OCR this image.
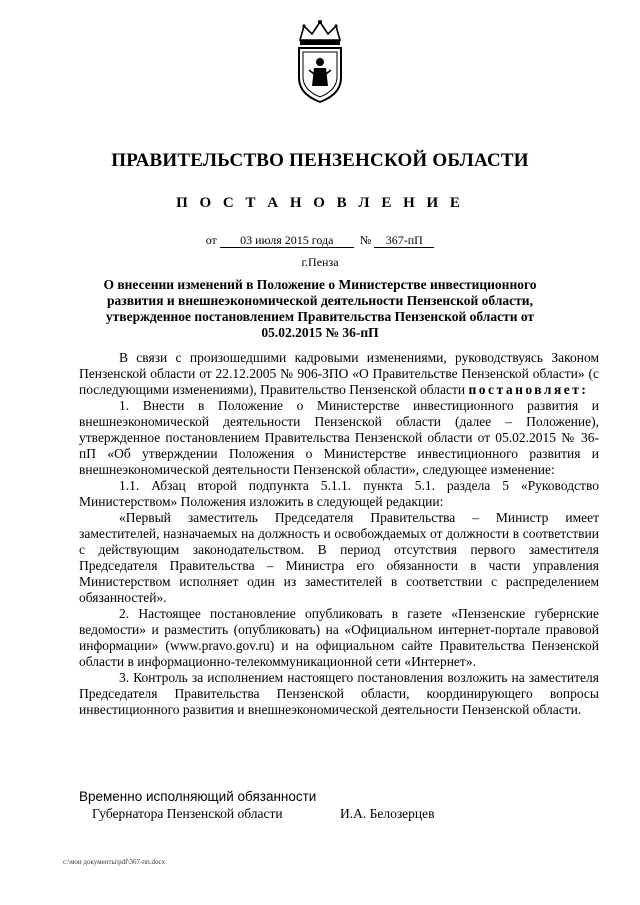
ПРАВИТЕЛЬСТВО ПЕНЗЕНСКОЙ ОБЛАСТИ
П О С Т А Н О В Л Е Н И Е
от 03 июля 2015 года № 367-пП
г.Пенза
О внесении изменений в Положение о Министерстве инвестиционного развития и внешнеэкономической деятельности Пензенской области, утвержденное постановлением Правительства Пензенской области от 05.02.2015 № 36-пП

В связи с произошедшими кадровыми изменениями, руководствуясь Законом Пензенской области от 22.12.2005 № 906-ЗПО «О Правительстве Пензенской области» (с последующими изменениями), Правительство Пензенской области постановляет:

1. Внести в Положение о Министерстве инвестиционного развития и внешнеэкономической деятельности Пензенской области (далее – Положение), утвержденное постановлением Правительства Пензенской области от 05.02.2015 № 36-пП «Об утверждении Положения о Министерстве инвестиционного развития и внешнеэкономической деятельности Пензенской области», следующее изменение:

1.1. Абзац второй подпункта 5.1.1. пункта 5.1. раздела 5 «Руководство Министерством» Положения изложить в следующей редакции:

«Первый заместитель Председателя Правительства – Министр имеет заместителей, назначаемых на должность и освобождаемых от должности в соответствии с действующим законодательством. В период отсутствия первого заместителя Председателя Правительства – Министра его обязанности в части управления Министерством исполняет один из заместителей в соответствии с распределением обязанностей».

2. Настоящее постановление опубликовать в газете «Пензенские губернские ведомости» и разместить (опубликовать) на «Официальном интернет-портале правовой информации» (www.pravo.gov.ru) и на официальном сайте Правительства Пензенской области в информационно-телекоммуникационной сети «Интернет».

3. Контроль за исполнением настоящего постановления возложить на заместителя Председателя Правительства Пензенской области, координирующего вопросы инвестиционного развития и внешнеэкономической деятельности Пензенской области.

Временно исполняющий обязанности
Губернатора Пензенской области	И.А. Белозерцев
c:\мои документы\pdf\367-пп.docx
